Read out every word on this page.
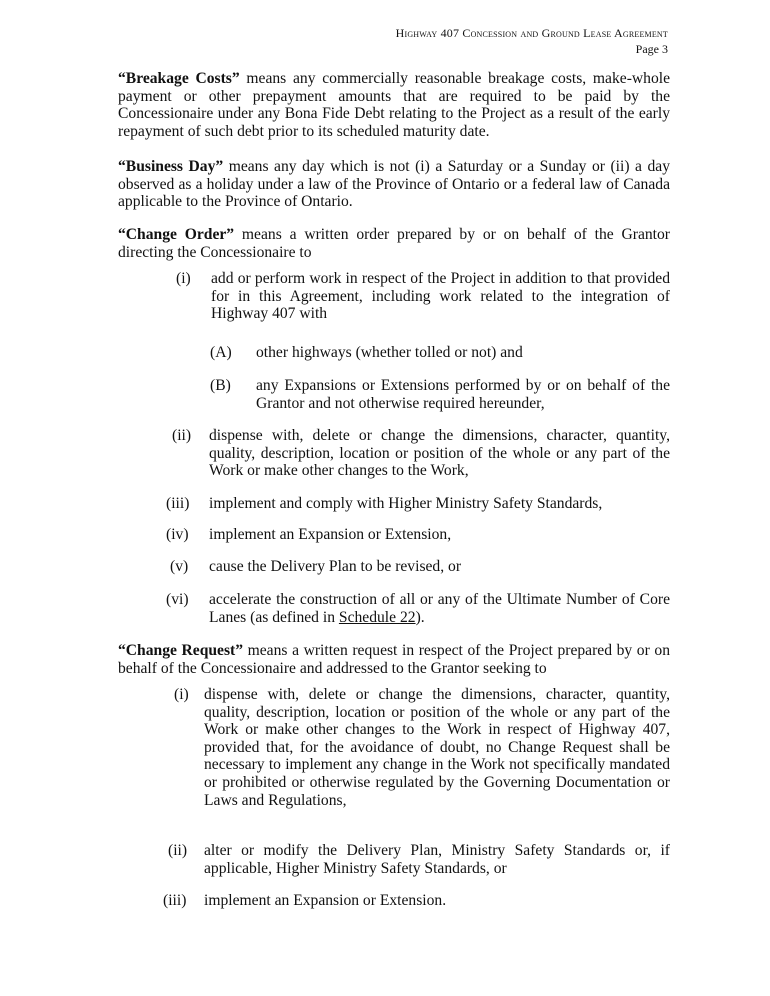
Highway 407 Concession and Ground Lease Agreement
Page 3
“Breakage Costs” means any commercially reasonable breakage costs, make-whole payment or other prepayment amounts that are required to be paid by the Concessionaire under any Bona Fide Debt relating to the Project as a result of the early repayment of such debt prior to its scheduled maturity date.
“Business Day” means any day which is not (i) a Saturday or a Sunday or (ii) a day observed as a holiday under a law of the Province of Ontario or a federal law of Canada applicable to the Province of Ontario.
“Change Order” means a written order prepared by or on behalf of the Grantor directing the Concessionaire to
(i) add or perform work in respect of the Project in addition to that provided for in this Agreement, including work related to the integration of Highway 407 with
(A) other highways (whether tolled or not) and
(B) any Expansions or Extensions performed by or on behalf of the Grantor and not otherwise required hereunder,
(ii) dispense with, delete or change the dimensions, character, quantity, quality, description, location or position of the whole or any part of the Work or make other changes to the Work,
(iii) implement and comply with Higher Ministry Safety Standards,
(iv) implement an Expansion or Extension,
(v) cause the Delivery Plan to be revised, or
(vi) accelerate the construction of all or any of the Ultimate Number of Core Lanes (as defined in Schedule 22).
“Change Request” means a written request in respect of the Project prepared by or on behalf of the Concessionaire and addressed to the Grantor seeking to
(i) dispense with, delete or change the dimensions, character, quantity, quality, description, location or position of the whole or any part of the Work or make other changes to the Work in respect of Highway 407, provided that, for the avoidance of doubt, no Change Request shall be necessary to implement any change in the Work not specifically mandated or prohibited or otherwise regulated by the Governing Documentation or Laws and Regulations,
(ii) alter or modify the Delivery Plan, Ministry Safety Standards or, if applicable, Higher Ministry Safety Standards, or
(iii) implement an Expansion or Extension.
